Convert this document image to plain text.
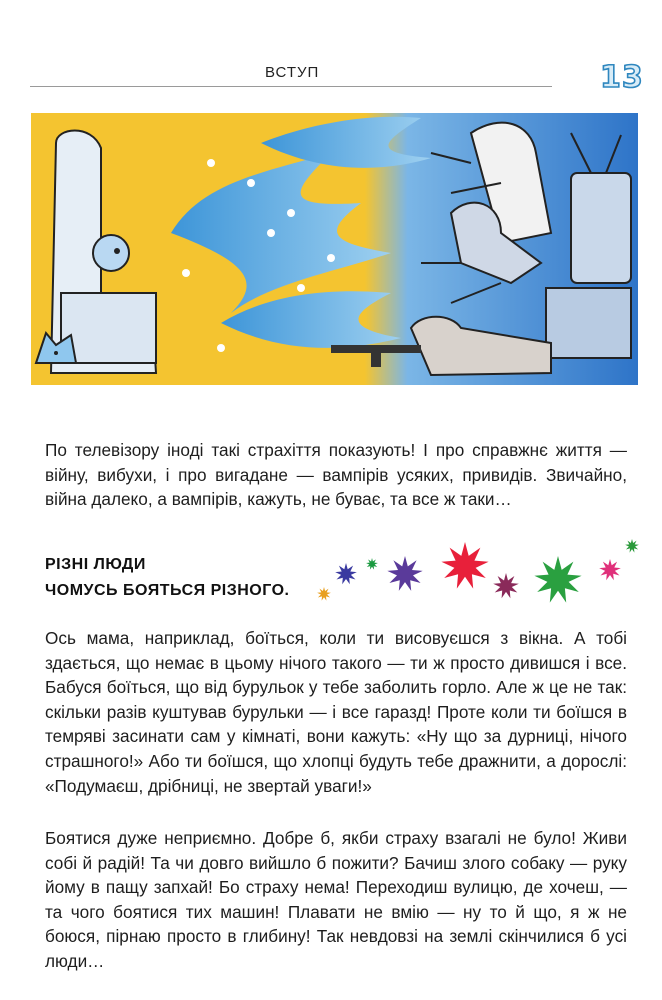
ВСТУП	13

По телевізору іноді такі страхіття показують! І про справжнє життя — війну, вибухи, і про вигадане — вампірів усяких, привидів. Звичайно, війна далеко, а вампірів, кажуть, не буває, та все ж таки…

РІЗНІ ЛЮДИ
ЧОМУСЬ БОЯТЬСЯ РІЗНОГО.

Ось мама, наприклад, боїться, коли ти висовуєшся з вікна. А тобі здається, що немає в цьому нічого такого — ти ж просто дивишся і все. Бабуся боїться, що від бурульок у тебе заболить горло. Але ж це не так: скільки разів куштував бурульки — і все гаразд! Проте коли ти боїшся в темряві засинати сам у кімнаті, вони кажуть: «Ну що за дурниці, нічого страшного!» Або ти боїшся, що хлопці будуть тебе дражнити, а дорослі: «Подумаєш, дрібниці, не звертай уваги!»

Боятися дуже неприємно. Добре б, якби страху взагалі не було! Живи собі й радій! Та чи довго вийшло б пожити? Бачиш злого собаку — руку йому в пащу запхай! Бо страху нема! Переходиш вулицю, де хочеш, — та чого боятися тих машин! Плавати не вмію — ну то й що, я ж не боюся, пірнаю просто в глибину! Так невдовзі на землі скінчилися б усі люди…
